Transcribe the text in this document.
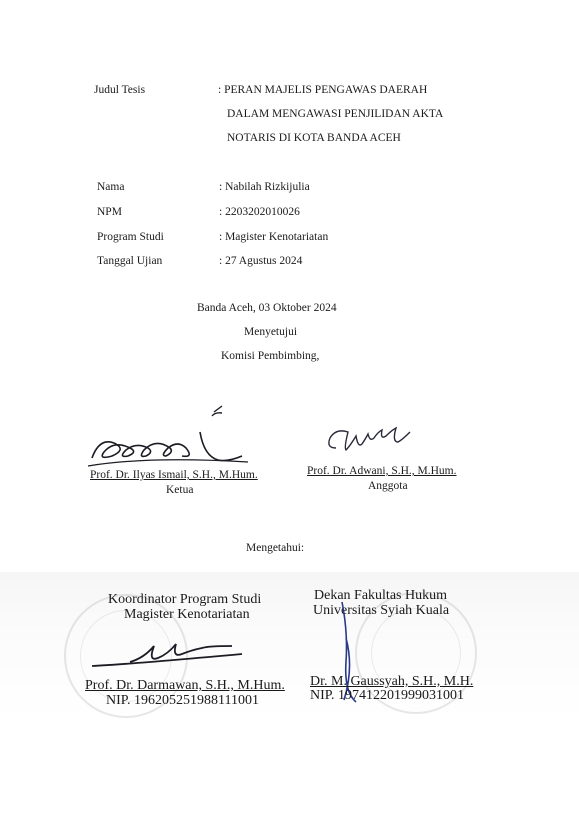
Judul Tesis	: PERAN MAJELIS PENGAWAS DAERAH
DALAM MENGAWASI PENJILIDAN AKTA
NOTARIS DI KOTA BANDA ACEH
Nama	: Nabilah Rizkijulia
NPM	: 2203202010026
Program Studi	: Magister Kenotariatan
Tanggal Ujian	: 27 Agustus 2024
Banda Aceh, 03 Oktober 2024
Menyetujui
Komisi Pembimbing,
Prof. Dr. Ilyas Ismail, S.H., M.Hum.
Ketua
Prof. Dr. Adwani, S.H., M.Hum.
Anggota
Mengetahui:
Koordinator Program Studi
Magister Kenotariatan
Dekan Fakultas Hukum
Universitas Syiah Kuala
Prof. Dr. Darmawan, S.H., M.Hum.
NIP. 196205251988111001
Dr. M. Gaussyah, S.H., M.H.
NIP. 197412201999031001
